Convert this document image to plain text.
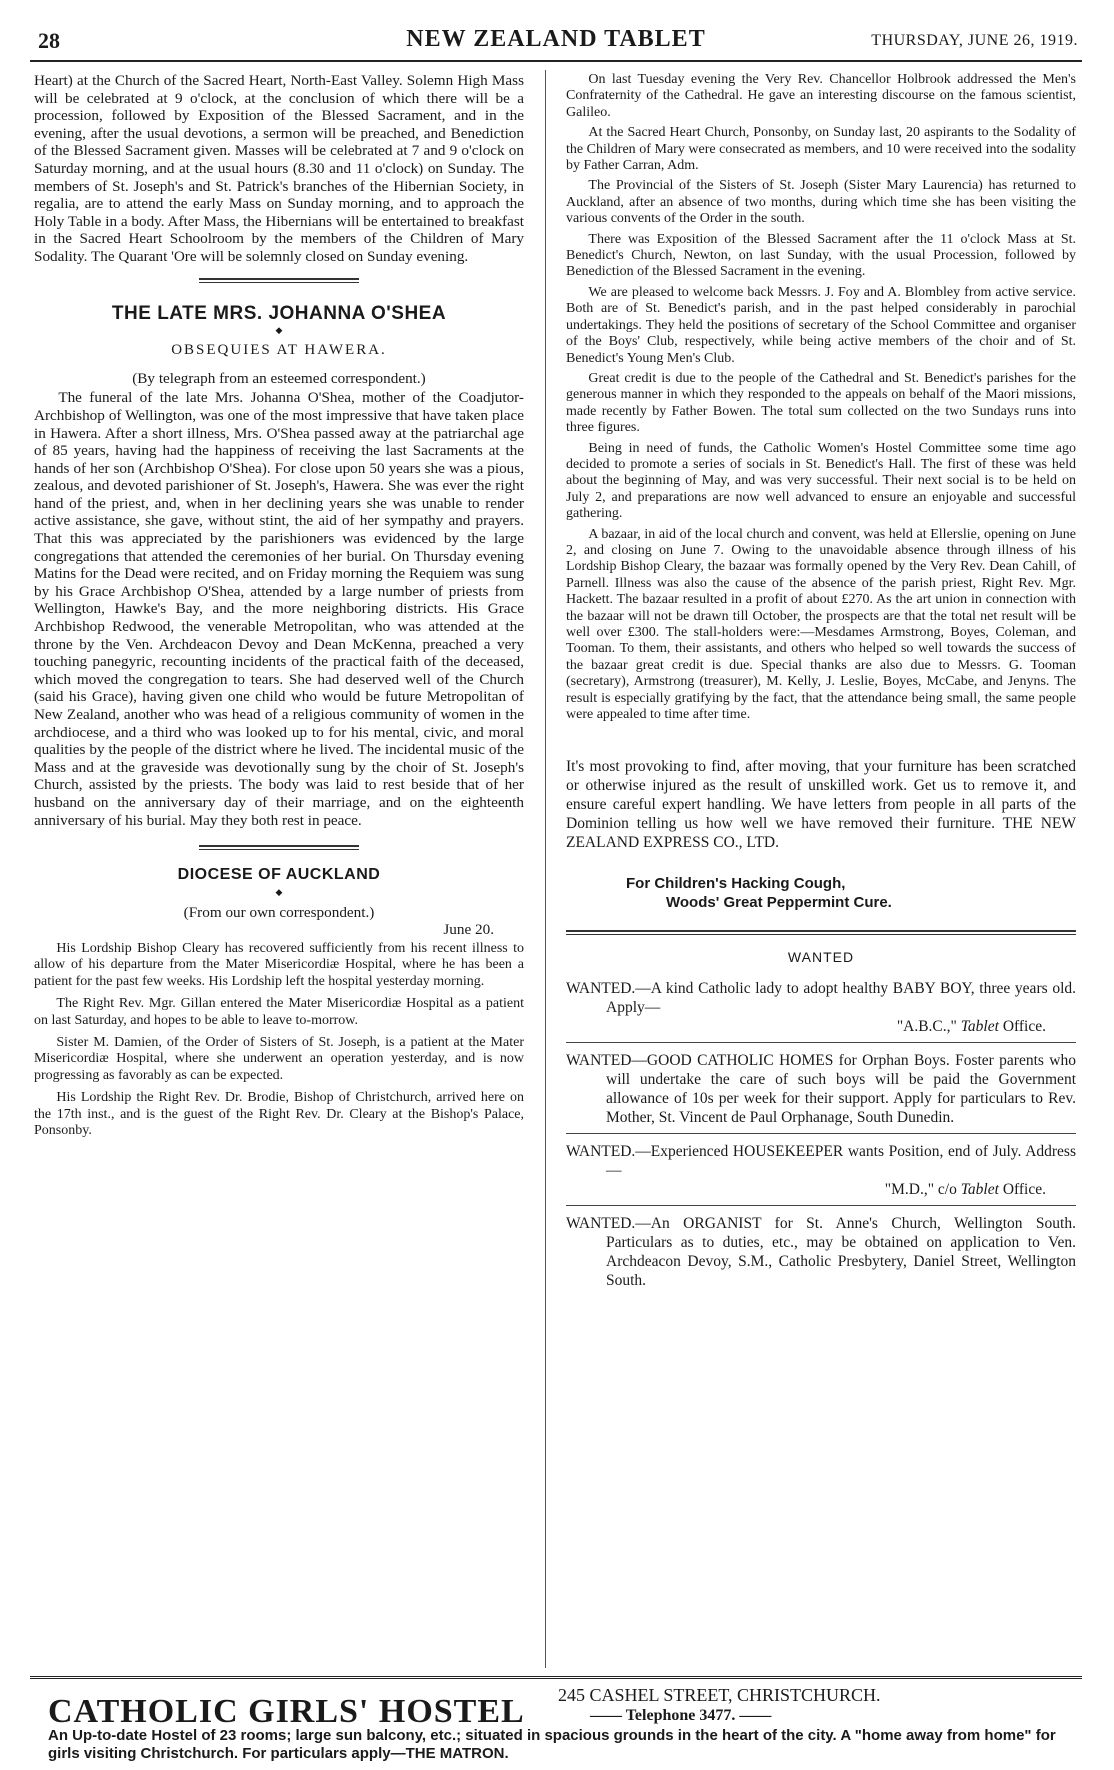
28	NEW ZEALAND TABLET	THURSDAY, JUNE 26, 1919.

Heart) at the Church of the Sacred Heart, North-East Valley. Solemn High Mass will be celebrated at 9 o'clock, at the conclusion of which there will be a procession, followed by Exposition of the Blessed Sacrament, and in the evening, after the usual devotions, a sermon will be preached, and Benediction of the Blessed Sacrament given. Masses will be celebrated at 7 and 9 o'clock on Saturday morning, and at the usual hours (8.30 and 11 o'clock) on Sunday. The members of St. Joseph's and St. Patrick's branches of the Hibernian Society, in regalia, are to attend the early Mass on Sunday morning, and to approach the Holy Table in a body. After Mass, the Hibernians will be entertained to breakfast in the Sacred Heart Schoolroom by the members of the Children of Mary Sodality. The Quarant 'Ore will be solemnly closed on Sunday evening.

THE LATE MRS. JOHANNA O'SHEA
◆
OBSEQUIES AT HAWERA.
(By telegraph from an esteemed correspondent.)

The funeral of the late Mrs. Johanna O'Shea, mother of the Coadjutor-Archbishop of Wellington, was one of the most impressive that have taken place in Hawera. After a short illness, Mrs. O'Shea passed away at the patriarchal age of 85 years, having had the happiness of receiving the last Sacraments at the hands of her son (Archbishop O'Shea). For close upon 50 years she was a pious, zealous, and devoted parishioner of St. Joseph's, Hawera. She was ever the right hand of the priest, and, when in her declining years she was unable to render active assistance, she gave, without stint, the aid of her sympathy and prayers. That this was appreciated by the parishioners was evidenced by the large congregations that attended the ceremonies of her burial. On Thursday evening Matins for the Dead were recited, and on Friday morning the Requiem was sung by his Grace Archbishop O'Shea, attended by a large number of priests from Wellington, Hawke's Bay, and the more neighboring districts. His Grace Archbishop Redwood, the venerable Metropolitan, who was attended at the throne by the Ven. Archdeacon Devoy and Dean McKenna, preached a very touching panegyric, recounting incidents of the practical faith of the deceased, which moved the congregation to tears. She had deserved well of the Church (said his Grace), having given one child who would be future Metropolitan of New Zealand, another who was head of a religious community of women in the archdiocese, and a third who was looked up to for his mental, civic, and moral qualities by the people of the district where he lived. The incidental music of the Mass and at the graveside was devotionally sung by the choir of St. Joseph's Church, assisted by the priests. The body was laid to rest beside that of her husband on the anniversary day of their marriage, and on the eighteenth anniversary of his burial. May they both rest in peace.

DIOCESE OF AUCKLAND
◆
(From our own correspondent.)
June 20.

His Lordship Bishop Cleary has recovered sufficiently from his recent illness to allow of his departure from the Mater Misericordiæ Hospital, where he has been a patient for the past few weeks. His Lordship left the hospital yesterday morning.

The Right Rev. Mgr. Gillan entered the Mater Misericordiæ Hospital as a patient on last Saturday, and hopes to be able to leave to-morrow.

Sister M. Damien, of the Order of Sisters of St. Joseph, is a patient at the Mater Misericordiæ Hospital, where she underwent an operation yesterday, and is now progressing as favorably as can be expected.

His Lordship the Right Rev. Dr. Brodie, Bishop of Christchurch, arrived here on the 17th inst., and is the guest of the Right Rev. Dr. Cleary at the Bishop's Palace, Ponsonby.

On last Tuesday evening the Very Rev. Chancellor Holbrook addressed the Men's Confraternity of the Cathedral. He gave an interesting discourse on the famous scientist, Galileo.

At the Sacred Heart Church, Ponsonby, on Sunday last, 20 aspirants to the Sodality of the Children of Mary were consecrated as members, and 10 were received into the sodality by Father Carran, Adm.

The Provincial of the Sisters of St. Joseph (Sister Mary Laurencia) has returned to Auckland, after an absence of two months, during which time she has been visiting the various convents of the Order in the south.

There was Exposition of the Blessed Sacrament after the 11 o'clock Mass at St. Benedict's Church, Newton, on last Sunday, with the usual Procession, followed by Benediction of the Blessed Sacrament in the evening.

We are pleased to welcome back Messrs. J. Foy and A. Blombley from active service. Both are of St. Benedict's parish, and in the past helped considerably in parochial undertakings. They held the positions of secretary of the School Committee and organiser of the Boys' Club, respectively, while being active members of the choir and of St. Benedict's Young Men's Club.

Great credit is due to the people of the Cathedral and St. Benedict's parishes for the generous manner in which they responded to the appeals on behalf of the Maori missions, made recently by Father Bowen. The total sum collected on the two Sundays runs into three figures.

Being in need of funds, the Catholic Women's Hostel Committee some time ago decided to promote a series of socials in St. Benedict's Hall. The first of these was held about the beginning of May, and was very successful. Their next social is to be held on July 2, and preparations are now well advanced to ensure an enjoyable and successful gathering.

A bazaar, in aid of the local church and convent, was held at Ellerslie, opening on June 2, and closing on June 7. Owing to the unavoidable absence through illness of his Lordship Bishop Cleary, the bazaar was formally opened by the Very Rev. Dean Cahill, of Parnell. Illness was also the cause of the absence of the parish priest, Right Rev. Mgr. Hackett. The bazaar resulted in a profit of about £270. As the art union in connection with the bazaar will not be drawn till October, the prospects are that the total net result will be well over £300. The stall-holders were:—Mesdames Armstrong, Boyes, Coleman, and Tooman. To them, their assistants, and others who helped so well towards the success of the bazaar great credit is due. Special thanks are also due to Messrs. G. Tooman (secretary), Armstrong (treasurer), M. Kelly, J. Leslie, Boyes, McCabe, and Jenyns. The result is especially gratifying by the fact, that the attendance being small, the same people were appealed to time after time.

It's most provoking to find, after moving, that your furniture has been scratched or otherwise injured as the result of unskilled work. Get us to remove it, and ensure careful expert handling. We have letters from people in all parts of the Dominion telling us how well we have removed their furniture. THE NEW ZEALAND EXPRESS CO., LTD.

For Children's Hacking Cough,
Woods' Great Peppermint Cure.
WANTED
WANTED.—A kind Catholic lady to adopt healthy BABY BOY, three years old. Apply—
"A.B.C.," Tablet Office.
WANTED—GOOD CATHOLIC HOMES for Orphan Boys. Foster parents who will undertake the care of such boys will be paid the Government allowance of 10s per week for their support. Apply for particulars to Rev. Mother, St. Vincent de Paul Orphanage, South Dunedin.
WANTED.—Experienced HOUSEKEEPER wants Position, end of July. Address—
"M.D.," c/o Tablet Office.
WANTED.—An ORGANIST for St. Anne's Church, Wellington South. Particulars as to duties, etc., may be obtained on application to Ven. Archdeacon Devoy, S.M., Catholic Presbytery, Daniel Street, Wellington South.
CATHOLIC GIRLS' HOSTEL 245 CASHEL STREET, CHRISTCHURCH.
—— Telephone 3477. ——
An Up-to-date Hostel of 23 rooms; large sun balcony, etc.; situated in spacious grounds in the heart of the city. A "home away from home" for girls visiting Christchurch. For particulars apply—THE MATRON.
